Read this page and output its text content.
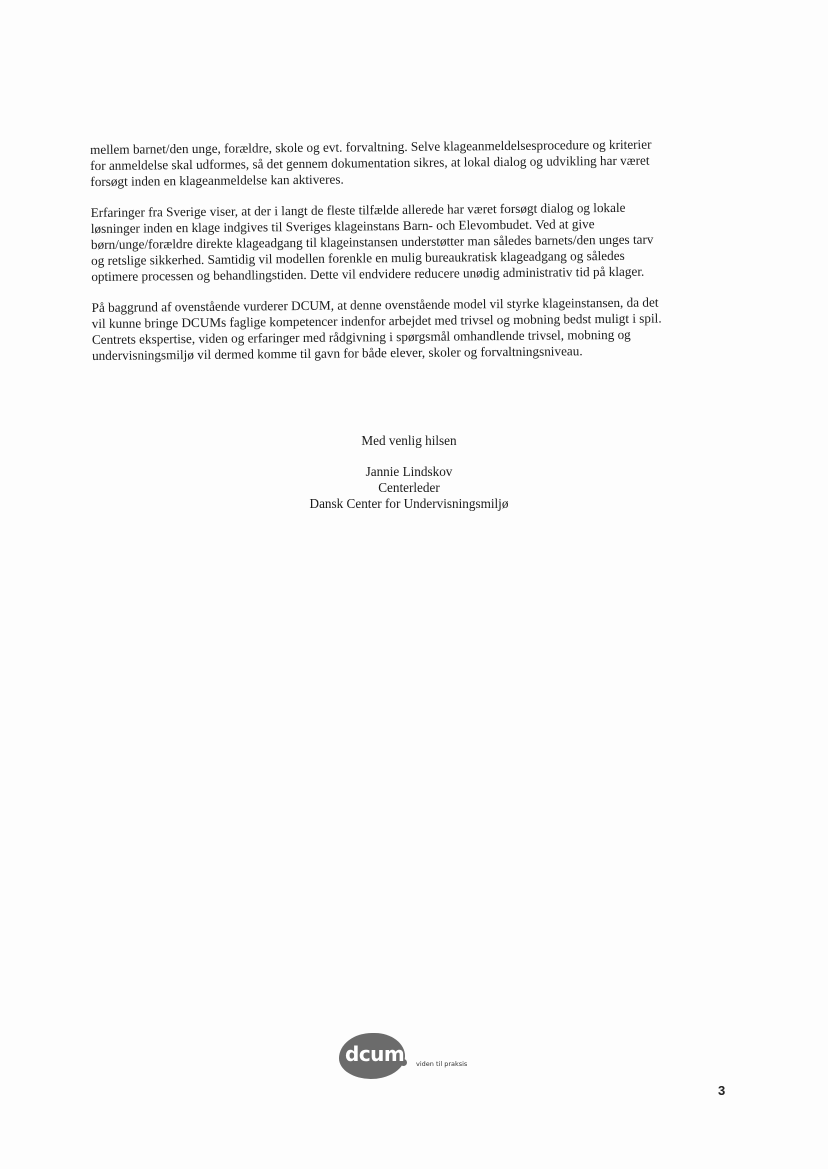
mellem barnet/den unge, forældre, skole og evt. forvaltning. Selve klageanmeldelsesprocedure og kriterier
for anmeldelse skal udformes, så det gennem dokumentation sikres, at lokal dialog og udvikling har været
forsøgt inden en klageanmeldelse kan aktiveres.

Erfaringer fra Sverige viser, at der i langt de fleste tilfælde allerede har været forsøgt dialog og lokale
løsninger inden en klage indgives til Sveriges klageinstans Barn- och Elevombudet. Ved at give
børn/unge/forældre direkte klageadgang til klageinstansen understøtter man således barnets/den unges tarv
og retslige sikkerhed. Samtidig vil modellen forenkle en mulig bureaukratisk klageadgang og således
optimere processen og behandlingstiden. Dette vil endvidere reducere unødig administrativ tid på klager.

På baggrund af ovenstående vurderer DCUM, at denne ovenstående model vil styrke klageinstansen, da det
vil kunne bringe DCUMs faglige kompetencer indenfor arbejdet med trivsel og mobning bedst muligt i spil.
Centrets ekspertise, viden og erfaringer med rådgivning i spørgsmål omhandlende trivsel, mobning og
undervisningsmiljø vil dermed komme til gavn for både elever, skoler og forvaltningsniveau.

Med venlig hilsen
Jannie Lindskov
Centerleder
Dansk Center for Undervisningsmiljø
dcum viden til praksis
3
